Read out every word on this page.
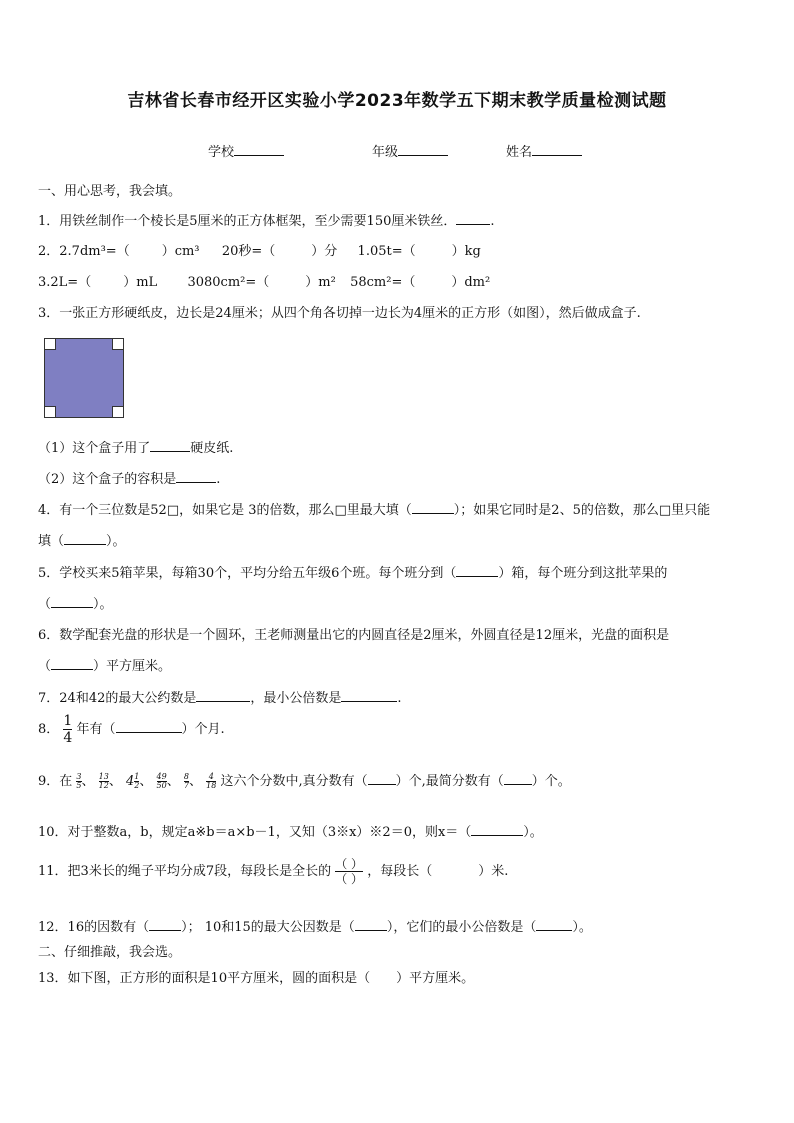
吉林省长春市经开区实验小学2023年数学五下期末教学质量检测试题
学校	年级	姓名
一、用心思考，我会填。
1．用铁丝制作一个棱长是5厘米的正方体框架，至少需要150厘米铁丝．	.
2．2.7dm³=（ ）cm³ 20秒=（	）分 1.05t=（	）kg
3.2L=（ ）mL 3080cm²=（	）m² 58cm²=（	）dm²
3．一张正方形硬纸皮，边长是24厘米；从四个角各切掉一边长为4厘米的正方形（如图），然后做成盒子.
（1）这个盒子用了	硬皮纸.
（2）这个盒子的容积是	.
4．有一个三位数是52□，如果它是 3的倍数，那么□里最大填（	）；如果它同时是2、5的倍数，那么□里只能
填（	）。
5．学校买来5箱苹果，每箱30个，平均分给五年级6个班。每个班分到（	）箱，每个班分到这批苹果的
（	）。
6．数学配套光盘的形状是一个圆环，王老师测量出它的内圆直径是2厘米，外圆直径是12厘米，光盘的面积是
（	）平方厘米。
7．24和42的最大公约数是	，最小公倍数是	.
8． $\frac{1}{4}$ 年有（	）个月.
9．在 $\frac{3}{5}$ 、 $\frac{13}{12}$ 、 $4 \frac{1}{2}$ 、 $\frac{49}{50}$ 、 $\frac{8}{7}$ 、 $\frac{4}{18}$ 这六个分数中,真分数有（ ）个,最简分数有（ ）个。
10．对于整数a，b，规定a※b＝a×b－1，又知（3※x）※2＝0，则x＝（	）。
11．把3米长的绳子平均分成7段，每段长是全长的 $\frac{( )}{( )}$ ，每段长（	）米.
12．16的因数有（ ）； 10和15的最大公因数是（ ），它们的最小公倍数是（	）。
二、仔细推敲，我会选。
13．如下图，正方形的面积是10平方厘米，圆的面积是（　　）平方厘米。
